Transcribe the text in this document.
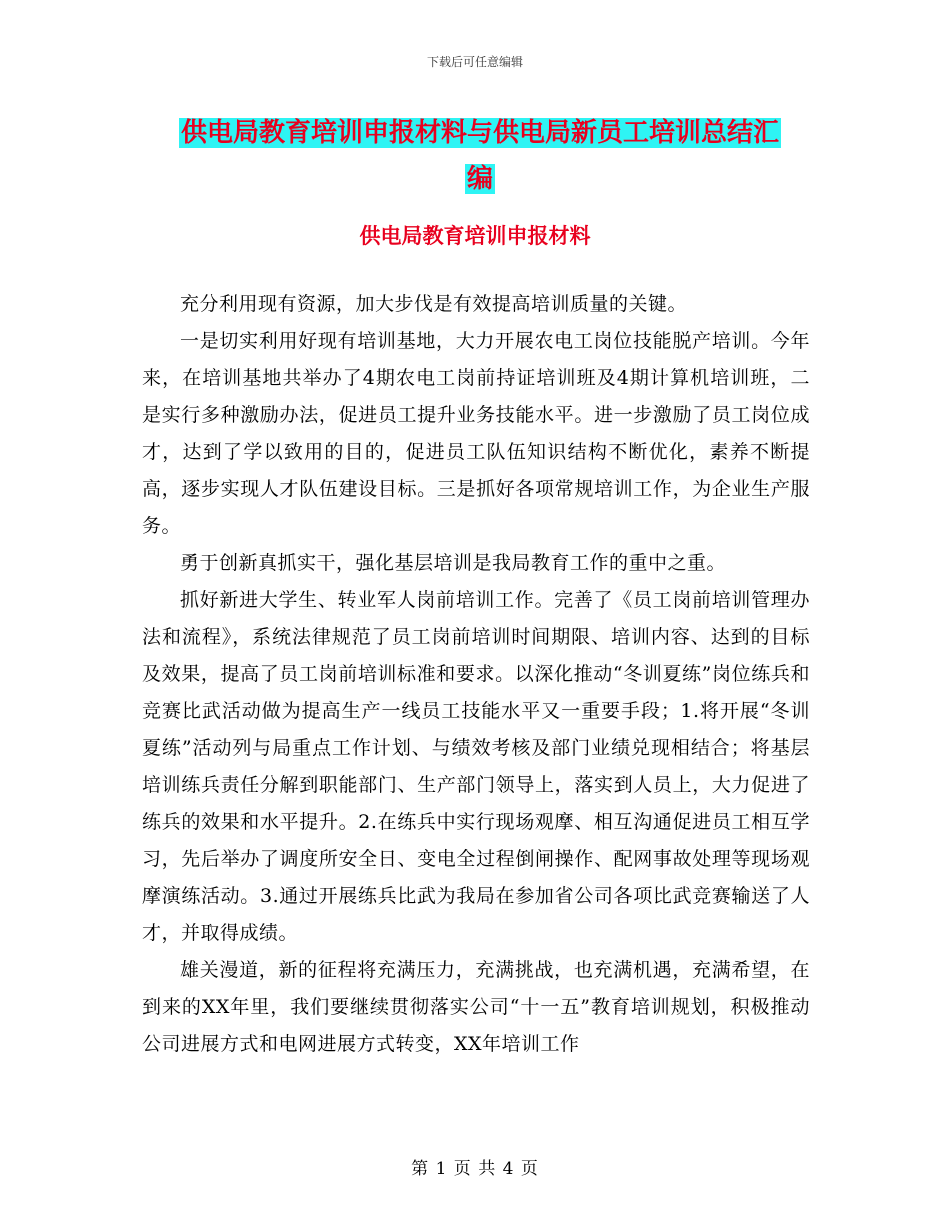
下载后可任意编辑
供电局教育培训申报材料与供电局新员工培训总结汇
编
供电局教育培训申报材料

充分利用现有资源，加大步伐是有效提高培训质量的关键。

一是切实利用好现有培训基地，大力开展农电工岗位技能脱产培训。今年来，在培训基地共举办了4期农电工岗前持证培训班及4期计算机培训班，二是实行多种激励办法，促进员工提升业务技能水平。进一步激励了员工岗位成才，达到了学以致用的目的，促进员工队伍知识结构不断优化，素养不断提高，逐步实现人才队伍建设目标。三是抓好各项常规培训工作，为企业生产服务。

勇于创新真抓实干，强化基层培训是我局教育工作的重中之重。

抓好新进大学生、转业军人岗前培训工作。完善了《员工岗前培训管理办法和流程》，系统法律规范了员工岗前培训时间期限、培训内容、达到的目标及效果，提高了员工岗前培训标准和要求。以深化推动“冬训夏练”岗位练兵和竞赛比武活动做为提高生产一线员工技能水平又一重要手段；1.将开展“冬训夏练”活动列与局重点工作计划、与绩效考核及部门业绩兑现相结合；将基层培训练兵责任分解到职能部门、生产部门领导上，落实到人员上，大力促进了练兵的效果和水平提升。2.在练兵中实行现场观摩、相互沟通促进员工相互学习，先后举办了调度所安全日、变电全过程倒闸操作、配网事故处理等现场观摩演练活动。3.通过开展练兵比武为我局在参加省公司各项比武竞赛输送了人才，并取得成绩。

雄关漫道，新的征程将充满压力，充满挑战，也充满机遇，充满希望，在到来的XX年里，我们要继续贯彻落实公司“十一五”教育培训规划，积极推动公司进展方式和电网进展方式转变，XX年培训工作

第 1 页 共 4 页
